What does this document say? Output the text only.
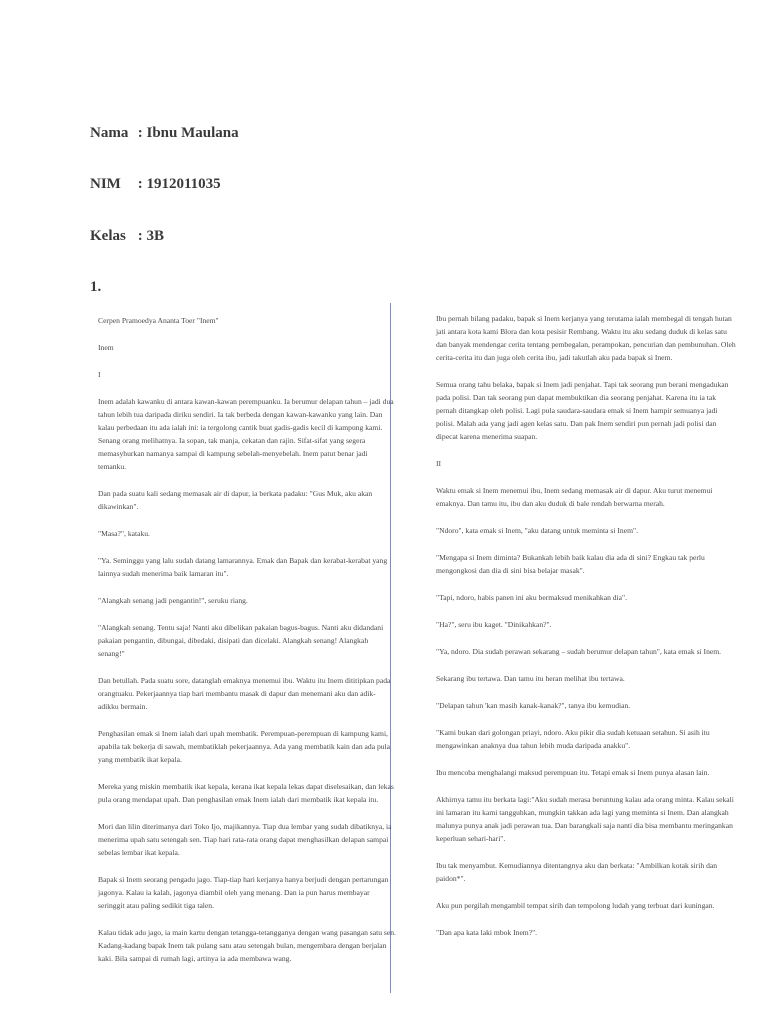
Nama : Ibnu Maulana
NIM : 1912011035
Kelas : 3B
1.

Cerpen Pramoedya Ananta Toer "Inem"

Inem

I

Inem adalah kawanku di antara kawan-kawan perempuanku. Ia berumur delapan tahun – jadi dua tahun lebih tua daripada diriku sendiri. Ia tak berbeda dengan kawan-kawanku yang lain. Dan kalau perbedaan itu ada ialah ini: ia tergolong cantik buat gadis-gadis kecil di kampung kami. Senang orang melihatnya. Ia sopan, tak manja, cekatan dan rajin. Sifat-sifat yang segera memasyhurkan namanya sampai di kampung sebelah-menyebelah. Inem patut benar jadi temanku.

Dan pada suatu kali sedang memasak air di dapur, ia berkata padaku: "Gus Muk, aku akan dikawinkan".

"Masa?", kataku.

"Ya. Seminggu yang lalu sudah datang lamarannya. Emak dan Bapak dan kerabat-kerabat yang lainnya sudah menerima baik lamaran itu".

"Alangkah senang jadi pengantin!", seruku riang.

"Alangkah senang. Tentu saja! Nanti aku dibelikan pakaian bagus-bagus. Nanti aku didandani pakaian pengantin, dibungai, dibedaki, disipati dan dicelaki. Alangkah senang! Alangkah senang!"

Dan betullah. Pada suatu sore, datanglah emaknya menemui ibu. Waktu itu Inem dititipkan pada orangtuaku. Pekerjaannya tiap hari membantu masak di dapur dan menemani aku dan adik-adikku bermain.

Penghasilan emak si Inem ialah dari upah membatik. Perempuan-perempuan di kampung kami, apabila tak bekerja di sawah, membatiklah pekerjaannya. Ada yang membatik kain dan ada pula yang membatik ikat kepala.

Mereka yang miskin membatik ikat kepala, kerana ikat kepala lekas dapat diselesaikan, dan lekas pula orang mendapat upah. Dan penghasilan emak Inem ialah dari membatik ikat kepala itu.

Mori dan lilin diterimanya dari Toko Ijo, majikannya. Tiap dua lembar yang sudah dibatiknya, ia menerima upah satu setengah sen. Tiap hari rata-rata orang dapat menghasilkan delapan sampai sebelas lembar ikat kepala.

Bapak si Inem seorang pengadu jago. Tiap-tiap hari kerjanya hanya berjudi dengan pertarungan jagonya. Kalau ia kalah, jagonya diambil oleh yang menang. Dan ia pun harus membayar seringgit atau paling sedikit tiga talen.

Kalau tidak adu jago, ia main kartu dengan tetangga-tetangganya dengan wang pasangan satu sen. Kadang-kadang bapak Inem tak pulang satu atau setengah bulan, mengembara dengan berjalan kaki. Bila sampai di rumah lagi, artinya ia ada membawa wang.

Ibu pernah bilang padaku, bapak si Inem kerjanya yang terutama ialah membegal di tengah hutan jati antara kota kami Blora dan kota pesisir Rembang. Waktu itu aku sedang duduk di kelas satu dan banyak mendengar cerita tentang pembegalan, perampokan, pencurian dan pembunuhan. Oleh cerita-cerita itu dan juga oleh cerita ibu, jadi takutlah aku pada bapak si Inem.

Semua orang tahu belaka, bapak si Inem jadi penjahat. Tapi tak seorang pun berani mengadukan pada polisi. Dan tak seorang pun dapat membuktikan dia seorang penjahat. Karena itu ia tak pernah ditangkap oleh polisi. Lagi pula saudara-saudara emak si Inem hampir semuanya jadi polisi. Malah ada yang jadi agen kelas satu. Dan pak Inem sendiri pun pernah jadi polisi dan dipecat karena menerima suapan.

II

Waktu emak si Inem menemui ibu, Inem sedang memasak air di dapur. Aku turut menemui emaknya. Dan tamu itu, ibu dan aku duduk di bale rendah berwarna merah.

"Ndoro", kata emak si Inem, "aku datang untuk meminta si Inem".

"Mengapa si Inem diminta? Bukankah lebih baik kalau dia ada di sini? Engkau tak perlu mengongkosi dan dia di sini bisa belajar masak".

"Tapi, ndoro, habis panen ini aku bermaksud menikahkan dia".

"Ha?", seru ibu kaget. "Dinikahkan?".

"Ya, ndoro. Dia sudah perawan sekarang – sudah berumur delapan tahun", kata emak si Inem.

Sekarang ibu tertawa. Dan tamu itu heran melihat ibu tertawa.

"Delapan tahun 'kan masih kanak-kanak?", tanya ibu kemudian.

"Kami bukan dari golongan priayi, ndoro. Aku pikir dia sudah ketuaan setahun. Si asih itu mengawinkan anaknya dua tahun lebih muda daripada anakku".

Ibu mencoba menghalangi maksud perempuan itu. Tetapi emak si Inem punya alasan lain.

Akhirnya tamu itu berkata lagi:"Aku sudah merasa beruntung kalau ada orang minta. Kalau sekali ini lamaran itu kami tangguhkan, mungkin takkan ada lagi yang meminta si Inem. Dan alangkah malunya punya anak jadi perawan tua. Dan barangkali saja nanti dia bisa membantu meringankan keperluan sehari-hari".

Ibu tak menyambut. Kemudiannya ditentangnya aku dan berkata: "Ambilkan kotak sirih dan paidon*".

Aku pun pergilah mengambil tempat sirih dan tempolong ludah yang terbuat dari kuningan.

"Dan apa kata laki mbok Inem?".
